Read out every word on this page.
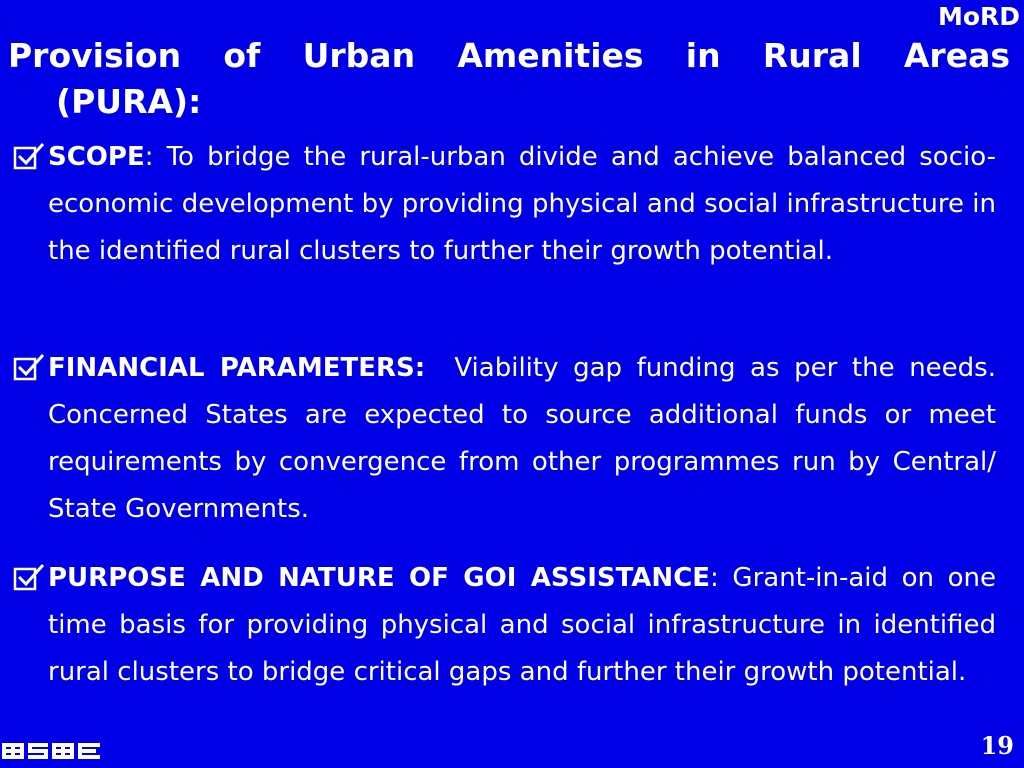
MoRD
Provision of Urban Amenities in Rural Areas
(PURA):
SCOPE: To bridge the rural-urban divide and achieve balanced socio-economic development by providing physical and social infrastructure in the identified rural clusters to further their growth potential.
FINANCIAL PARAMETERS: Viability gap funding as per the needs. Concerned States are expected to source additional funds or meet requirements by convergence from other programmes run by Central/ State Governments.
PURPOSE AND NATURE OF GOI ASSISTANCE: Grant-in-aid on one time basis for providing physical and social infrastructure in identified rural clusters to bridge critical gaps and further their growth potential.
19
